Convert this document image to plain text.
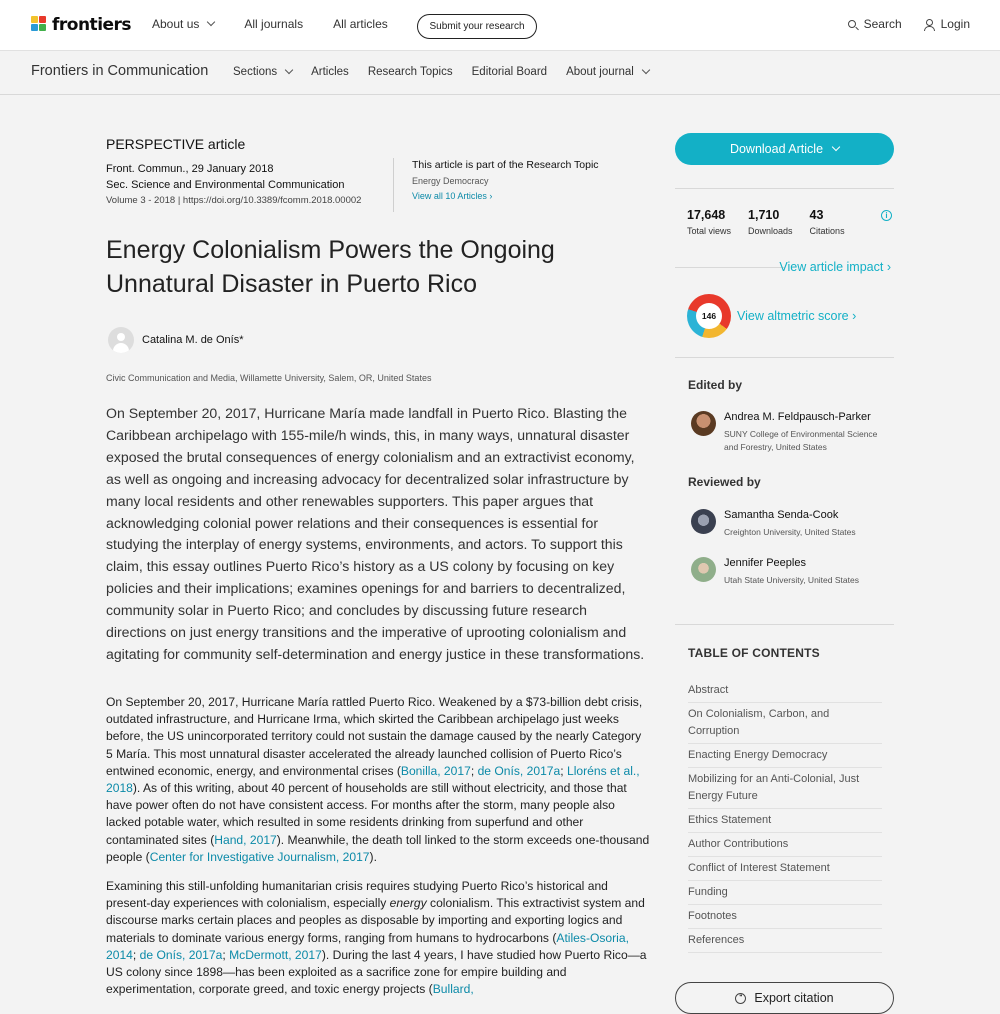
frontiers About us	All journals	All articles	Submit your research	Search	Login
Frontiers in Communication Sections	Articles Research Topics Editorial Board About journal
PERSPECTIVE article
Front. Commun., 29 January 2018
Sec. Science and Environmental Communication
Volume 3 - 2018 | https://doi.org/10.3389/fcomm.2018.00002
This article is part of the Research Topic
Energy Democracy
View all 10 Articles ›
Energy Colonialism Powers the Ongoing Unnatural Disaster in Puerto Rico
Catalina M. de Onís*
Civic Communication and Media, Willamette University, Salem, OR, United States

On September 20, 2017, Hurricane María made landfall in Puerto Rico. Blasting the Caribbean archipelago with 155-mile/h winds, this, in many ways, unnatural disaster exposed the brutal consequences of energy colonialism and an extractivist economy, as well as ongoing and increasing advocacy for decentralized solar infrastructure by many local residents and other renewables supporters. This paper argues that acknowledging colonial power relations and their consequences is essential for studying the interplay of energy systems, environments, and actors. To support this claim, this essay outlines Puerto Rico’s history as a US colony by focusing on key policies and their implications; examines openings for and barriers to decentralized, community solar in Puerto Rico; and concludes by discussing future research directions on just energy transitions and the imperative of uprooting colonialism and agitating for community self-determination and energy justice in these transformations.

On September 20, 2017, Hurricane María rattled Puerto Rico. Weakened by a $73-billion debt crisis, outdated infrastructure, and Hurricane Irma, which skirted the Caribbean archipelago just weeks before, the US unincorporated territory could not sustain the damage caused by the nearly Category 5 María. This most unnatural disaster accelerated the already launched collision of Puerto Rico’s entwined economic, energy, and environmental crises (Bonilla, 2017; de Onís, 2017a; Lloréns et al., 2018). As of this writing, about 40 percent of households are still without electricity, and those that have power often do not have consistent access. For months after the storm, many people also lacked potable water, which resulted in some residents drinking from superfund and other contaminated sites (Hand, 2017). Meanwhile, the death toll linked to the storm exceeds one-thousand people (Center for Investigative Journalism, 2017).

Examining this still-unfolding humanitarian crisis requires studying Puerto Rico’s historical and present-day experiences with colonialism, especially energy colonialism. This extractivist system and discourse marks certain places and peoples as disposable by importing and exporting logics and materials to dominate various energy forms, ranging from humans to hydrocarbons (Atiles-Osoria, 2014; de Onís, 2017a; McDermott, 2017). During the last 4 years, I have studied how Puerto Rico—a US colony since 1898—has been exploited as a sacrifice zone for empire building and experimentation, corporate greed, and toxic energy projects (Bullard,

Download Article
17,648
Total views
1,710
Downloads
43
Citations
i
View article impact ›
146	View altmetric score ›
Edited by
Andrea M. Feldpausch-Parker
SUNY College of Environmental Science and Forestry, United States
Reviewed by
Samantha Senda-Cook
Creighton University, United States
Jennifer Peeples
Utah State University, United States
TABLE OF CONTENTS
Abstract
On Colonialism, Carbon, and Corruption
Enacting Energy Democracy
Mobilizing for an Anti-Colonial, Just Energy Future
Ethics Statement
Author Contributions
Conflict of Interest Statement
Funding
Footnotes
References
❞ Export citation
